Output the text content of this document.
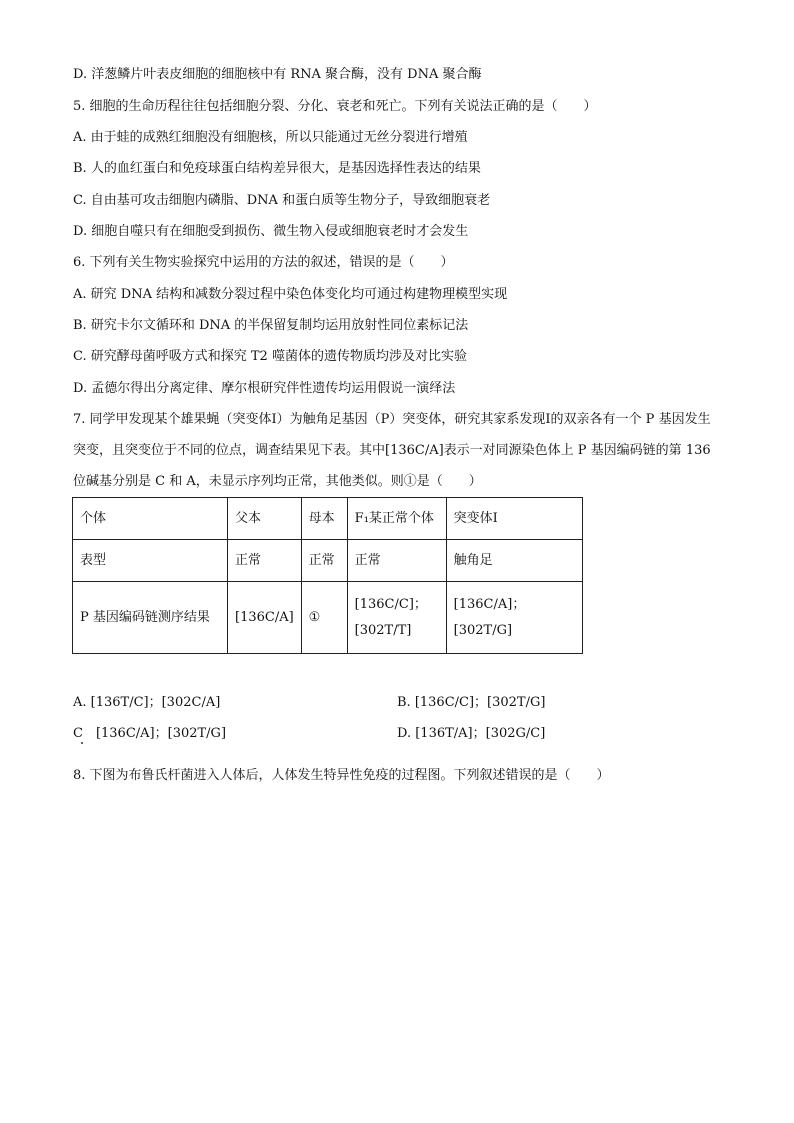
D. 洋葱鳞片叶表皮细胞的细胞核中有 RNA 聚合酶，没有 DNA 聚合酶
5. 细胞的生命历程往往包括细胞分裂、分化、衰老和死亡。下列有关说法正确的是（　　）
A. 由于蛙的成熟红细胞没有细胞核，所以只能通过无丝分裂进行增殖
B. 人的血红蛋白和免疫球蛋白结构差异很大，是基因选择性表达的结果
C. 自由基可攻击细胞内磷脂、DNA 和蛋白质等生物分子，导致细胞衰老
D. 细胞自噬只有在细胞受到损伤、微生物入侵或细胞衰老时才会发生
6. 下列有关生物实验探究中运用的方法的叙述，错误的是（　　）
A. 研究 DNA 结构和减数分裂过程中染色体变化均可通过构建物理模型实现
B. 研究卡尔文循环和 DNA 的半保留复制均运用放射性同位素标记法
C. 研究酵母菌呼吸方式和探究 T2 噬菌体的遗传物质均涉及对比实验
D. 孟德尔得出分离定律、摩尔根研究伴性遗传均运用假说一演绎法
7. 同学甲发现某个雄果蝇（突变体Ⅰ）为触角足基因（P）突变体，研究其家系发现Ⅰ的双亲各有一个 P 基因发生突变，且突变位于不同的位点，调查结果见下表。其中[136C/A]表示一对同源染色体上 P 基因编码链的第 136 位碱基分别是 C 和 A，未显示序列均正常，其他类似。则①是（　　）
个体	父本	母本	F₁某正常个体	突变体Ⅰ
表型	正常	正常	正常	触角足
P 基因编码链测序结果	[136C/A]	①	[136C/C]；[302T/T]	[136C/A]；[302T/G]
A. [136T/C]；[302C/A]	B. [136C/C]；[302T/G]
C　[136C/A]；[302T/G]	D. [136T/A]；[302G/C]
8. 下图为布鲁氏杆菌进入人体后，人体发生特异性免疫的过程图。下列叙述错误的是（　　）
